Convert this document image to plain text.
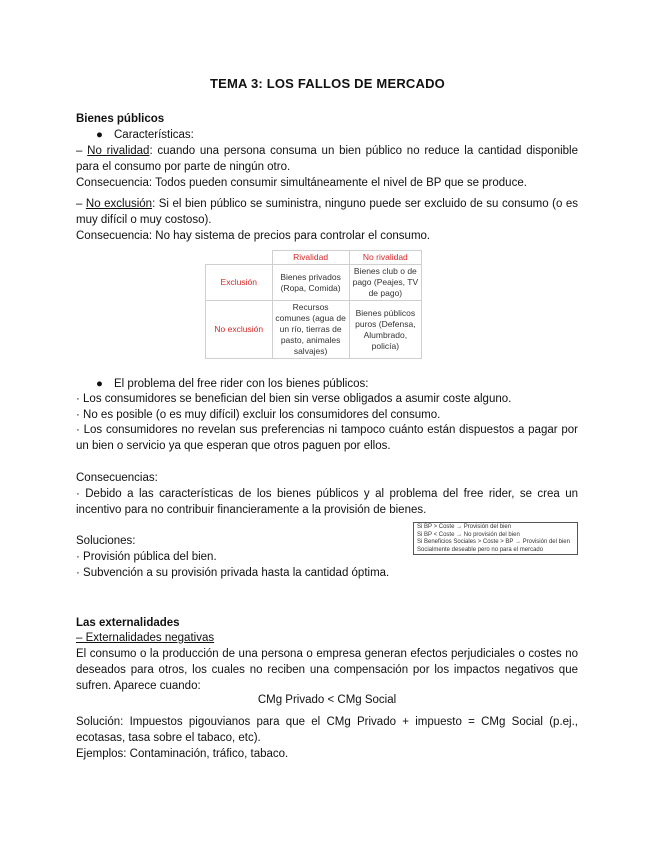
TEMA 3: LOS FALLOS DE MERCADO
Bienes públicos
● Características:
– No rivalidad: cuando una persona consuma un bien público no reduce la cantidad disponible para el consumo por parte de ningún otro.
Consecuencia: Todos pueden consumir simultáneamente el nivel de BP que se produce.
– No exclusión: Si el bien público se suministra, ninguno puede ser excluido de su consumo (o es muy difícil o muy costoso).
Consecuencia: No hay sistema de precios para controlar el consumo.
	Rivalidad	No rivalidad
Exclusión	Bienes privados (Ropa, Comida)	Bienes club o de pago (Peajes, TV de pago)
No exclusión	Recursos comunes (agua de un río, tierras de pasto, animales salvajes)	Bienes públicos puros (Defensa, Alumbrado, policía)
● El problema del free rider con los bienes públicos:
· Los consumidores se benefician del bien sin verse obligados a asumir coste alguno.
· No es posible (o es muy difícil) excluir los consumidores del consumo.
· Los consumidores no revelan sus preferencias ni tampoco cuánto están dispuestos a pagar por un bien o servicio ya que esperan que otros paguen por ellos.
Consecuencias:
· Debido a las características de los bienes públicos y al problema del free rider, se crea un incentivo para no contribuir financieramente a la provisión de bienes.
Soluciones:
· Provisión pública del bien.
· Subvención a su provisión privada hasta la cantidad óptima.
Si BP > Coste → Provisión del bien
Si BP < Coste → No provisión del bien
Si Beneficios Sociales > Coste > BP → Provisión del bien
Socialmente deseable pero no para el mercado
Las externalidades
– Externalidades negativas
El consumo o la producción de una persona o empresa generan efectos perjudiciales o costes no deseados para otros, los cuales no reciben una compensación por los impactos negativos que sufren. Aparece cuando:
CMg Privado < CMg Social
Solución: Impuestos pigouvianos para que el CMg Privado + impuesto = CMg Social (p.ej., ecotasas, tasa sobre el tabaco, etc).
Ejemplos: Contaminación, tráfico, tabaco.
